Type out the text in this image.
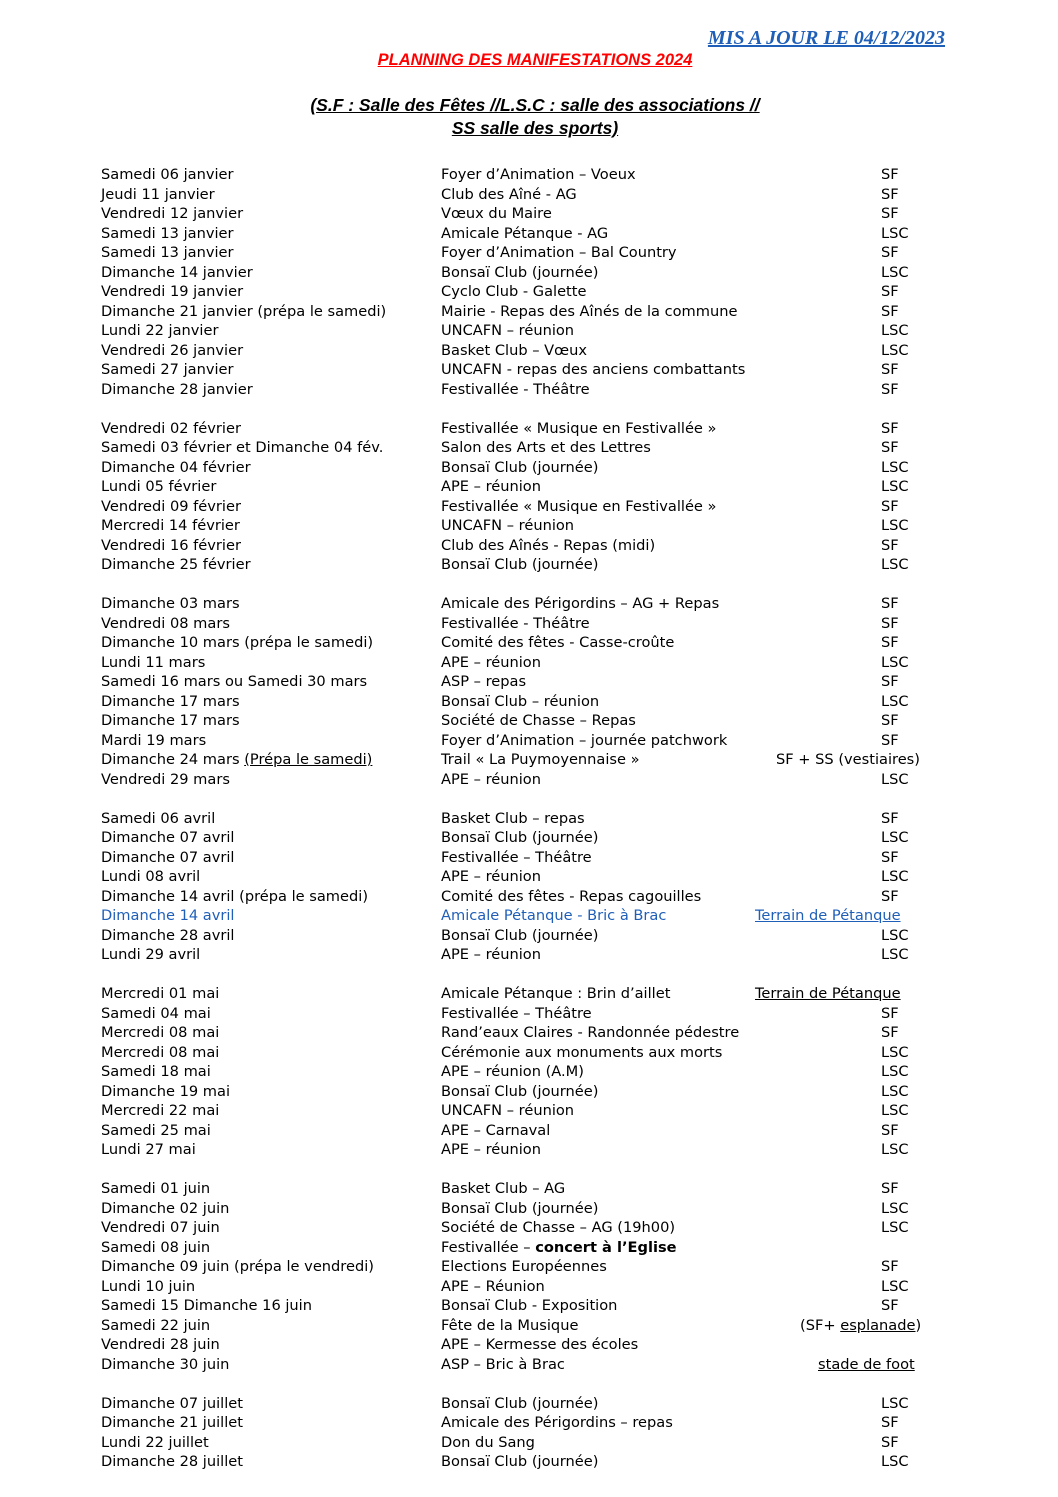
MIS A JOUR LE 04/12/2023
PLANNING DES MANIFESTATIONS 2024
(S.F : Salle des Fêtes //L.S.C : salle des associations //
SS salle des sports)
Samedi 06 janvier	Foyer d’Animation – Voeux	SF
Jeudi 11 janvier	Club des Aîné - AG	SF
Vendredi 12 janvier	Vœux du Maire	SF
Samedi 13 janvier	Amicale Pétanque - AG	LSC
Samedi 13 janvier	Foyer d’Animation – Bal Country	SF
Dimanche 14 janvier	Bonsaï Club (journée)	LSC
Vendredi 19 janvier	Cyclo Club - Galette	SF
Dimanche 21 janvier (prépa le samedi)	Mairie - Repas des Aînés de la commune	SF
Lundi 22 janvier	UNCAFN – réunion	LSC
Vendredi 26 janvier	Basket Club – Vœux	LSC
Samedi 27 janvier	UNCAFN - repas des anciens combattants	SF
Dimanche 28 janvier	Festivallée - Théâtre	SF
Vendredi 02 février	Festivallée « Musique en Festivallée »	SF
Samedi 03 février et Dimanche 04 fév.	Salon des Arts et des Lettres	SF
Dimanche 04 février	Bonsaï Club (journée)	LSC
Lundi 05 février	APE – réunion	LSC
Vendredi 09 février	Festivallée « Musique en Festivallée »	SF
Mercredi 14 février	UNCAFN – réunion	LSC
Vendredi 16 février	Club des Aînés - Repas (midi)	SF
Dimanche 25 février	Bonsaï Club (journée)	LSC
Dimanche 03 mars	Amicale des Périgordins – AG + Repas	SF
Vendredi 08 mars	Festivallée - Théâtre	SF
Dimanche 10 mars (prépa le samedi)	Comité des fêtes - Casse-croûte	SF
Lundi 11 mars	APE – réunion	LSC
Samedi 16 mars ou Samedi 30 mars	ASP – repas	SF
Dimanche 17 mars	Bonsaï Club – réunion	LSC
Dimanche 17 mars	Société de Chasse – Repas	SF
Mardi 19 mars	Foyer d’Animation – journée patchwork	SF
Dimanche 24 mars (Prépa le samedi)	Trail « La Puymoyennaise »	SF + SS (vestiaires)
Vendredi 29 mars	APE – réunion	LSC
Samedi 06 avril	Basket Club – repas	SF
Dimanche 07 avril	Bonsaï Club (journée)	LSC
Dimanche 07 avril	Festivallée – Théâtre	SF
Lundi 08 avril	APE – réunion	LSC
Dimanche 14 avril (prépa le samedi)	Comité des fêtes - Repas cagouilles	SF
Dimanche 14 avril	Amicale Pétanque - Bric à Brac	Terrain de Pétanque
Dimanche 28 avril	Bonsaï Club (journée)	LSC
Lundi 29 avril	APE – réunion	LSC
Mercredi 01 mai	Amicale Pétanque : Brin d’aillet	Terrain de Pétanque
Samedi 04 mai	Festivallée – Théâtre	SF
Mercredi 08 mai	Rand’eaux Claires - Randonnée pédestre	SF
Mercredi 08 mai	Cérémonie aux monuments aux morts	LSC
Samedi 18 mai	APE – réunion (A.M)	LSC
Dimanche 19 mai	Bonsaï Club (journée)	LSC
Mercredi 22 mai	UNCAFN – réunion	LSC
Samedi 25 mai	APE – Carnaval	SF
Lundi 27 mai	APE – réunion	LSC
Samedi 01 juin	Basket Club – AG	SF
Dimanche 02 juin	Bonsaï Club (journée)	LSC
Vendredi 07 juin	Société de Chasse – AG (19h00)	LSC
Samedi 08 juin	Festivallée – concert à l’Eglise
Dimanche 09 juin (prépa le vendredi)	Elections Européennes	SF
Lundi 10 juin	APE – Réunion	LSC
Samedi 15 Dimanche 16 juin	Bonsaï Club - Exposition	SF
Samedi 22 juin	Fête de la Musique	(SF+ esplanade)
Vendredi 28 juin	APE – Kermesse des écoles
Dimanche 30 juin	ASP – Bric à Brac	stade de foot
Dimanche 07 juillet	Bonsaï Club (journée)	LSC
Dimanche 21 juillet	Amicale des Périgordins – repas	SF
Lundi 22 juillet	Don du Sang	SF
Dimanche 28 juillet	Bonsaï Club (journée)	LSC
